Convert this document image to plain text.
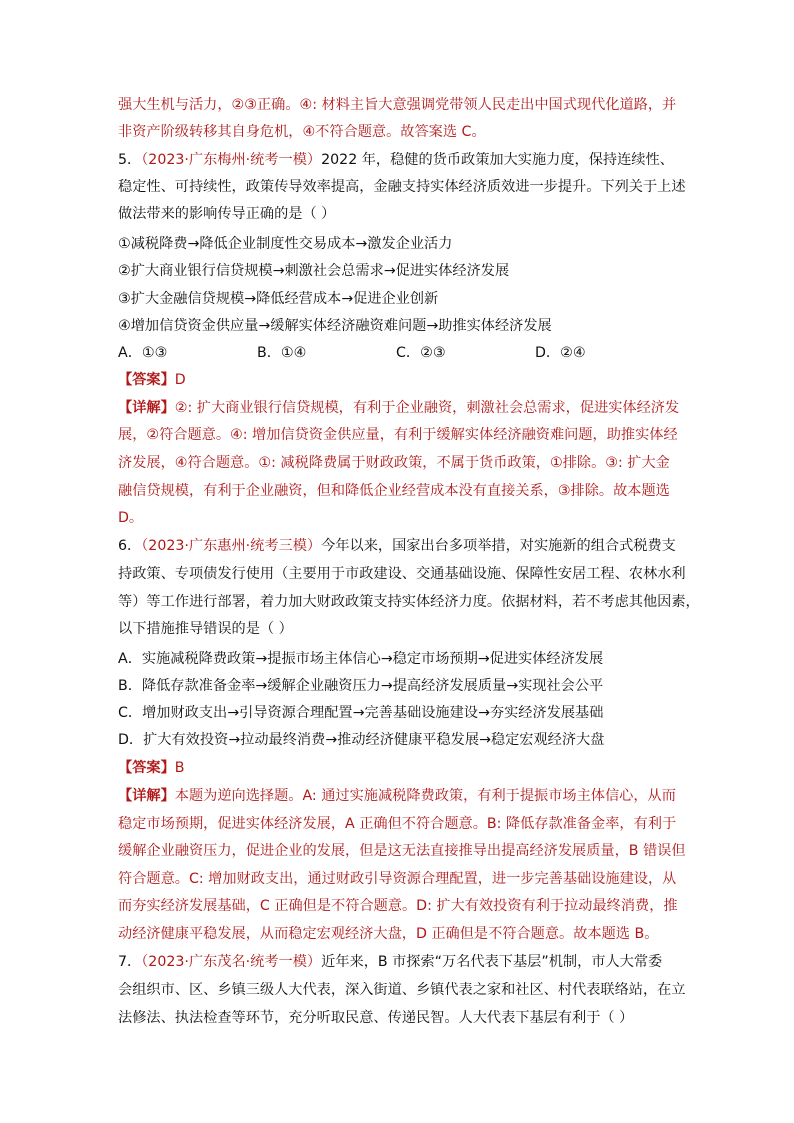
强大生机与活力，②③正确。④: 材料主旨大意强调党带领人民走出中国式现代化道路，并
非资产阶级转移其自身危机，④不符合题意。故答案选 C。
5．（2023·广东梅州·统考一模）2022 年，稳健的货币政策加大实施力度，保持连续性、
稳定性、可持续性，政策传导效率提高，金融支持实体经济质效进一步提升。下列关于上述
做法带来的影响传导正确的是（ ）
①减税降费→降低企业制度性交易成本→激发企业活力
②扩大商业银行信贷规模→刺激社会总需求→促进实体经济发展
③扩大金融信贷规模→降低经营成本→促进企业创新
④增加信贷资金供应量→缓解实体经济融资难问题→助推实体经济发展
A．①③	B．①④	C．②③	D．②④
【答案】D
【详解】②: 扩大商业银行信贷规模，有利于企业融资，刺激社会总需求，促进实体经济发
展，②符合题意。④: 增加信贷资金供应量，有利于缓解实体经济融资难问题，助推实体经
济发展，④符合题意。①: 减税降费属于财政政策，不属于货币政策，①排除。③: 扩大金
融信贷规模，有利于企业融资，但和降低企业经营成本没有直接关系，③排除。故本题选
D。
6．（2023·广东惠州·统考三模）今年以来，国家出台多项举措，对实施新的组合式税费支
持政策、专项债发行使用（主要用于市政建设、交通基础设施、保障性安居工程、农林水利
等）等工作进行部署，着力加大财政政策支持实体经济力度。依据材料，若不考虑其他因素，
以下措施推导错误的是（ ）
A．实施减税降费政策→提振市场主体信心→稳定市场预期→促进实体经济发展
B．降低存款准备金率→缓解企业融资压力→提高经济发展质量→实现社会公平
C．增加财政支出→引导资源合理配置→完善基础设施建设→夯实经济发展基础
D．扩大有效投资→拉动最终消费→推动经济健康平稳发展→稳定宏观经济大盘
【答案】B
【详解】本题为逆向选择题。A: 通过实施减税降费政策，有利于提振市场主体信心，从而
稳定市场预期，促进实体经济发展，A 正确但不符合题意。B: 降低存款准备金率，有利于
缓解企业融资压力，促进企业的发展，但是这无法直接推导出提高经济发展质量，B 错误但
符合题意。C: 增加财政支出，通过财政引导资源合理配置，进一步完善基础设施建设，从
而夯实经济发展基础，C 正确但是不符合题意。D: 扩大有效投资有利于拉动最终消费，推
动经济健康平稳发展，从而稳定宏观经济大盘，D 正确但是不符合题意。故本题选 B。
7．（2023·广东茂名·统考一模）近年来，B 市探索“万名代表下基层”机制，市人大常委
会组织市、区、乡镇三级人大代表，深入街道、乡镇代表之家和社区、村代表联络站，在立
法修法、执法检查等环节，充分听取民意、传递民智。人大代表下基层有利于（ ）
